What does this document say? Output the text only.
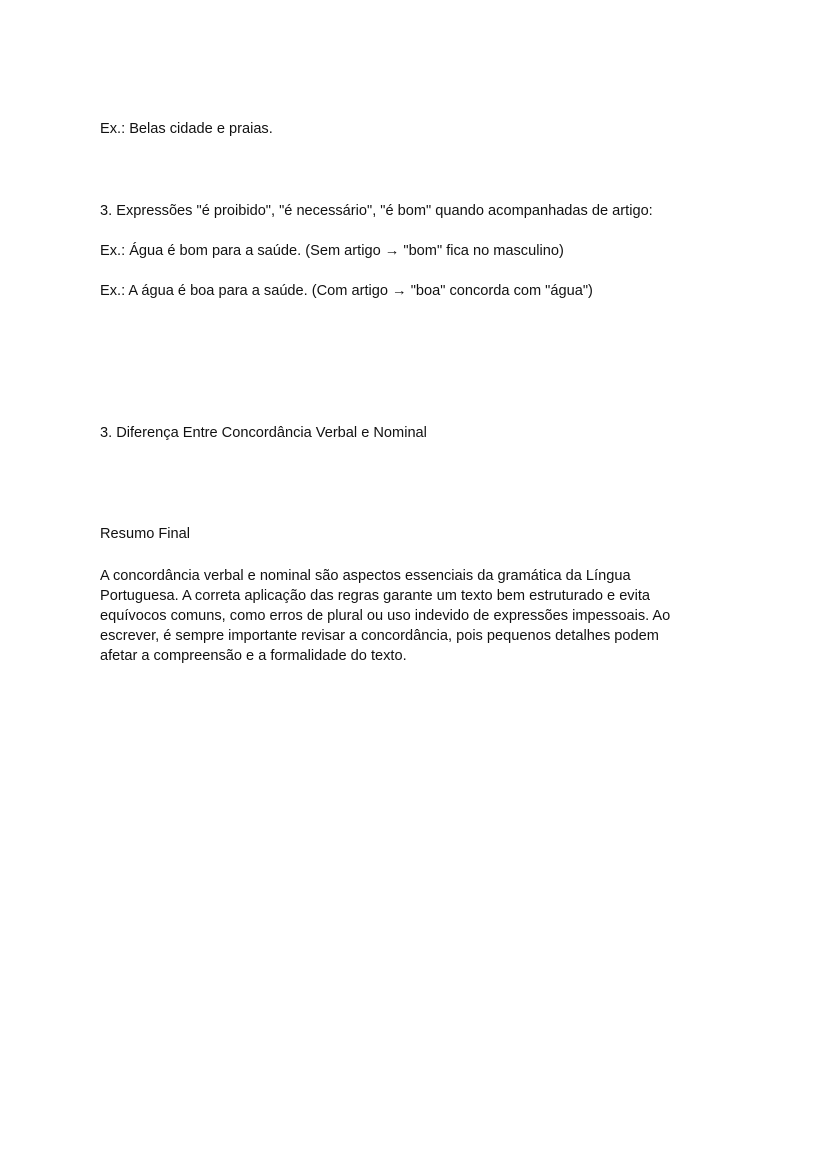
Ex.: Belas cidade e praias.
3. Expressões "é proibido", "é necessário", "é bom" quando acompanhadas de artigo:
Ex.: Água é bom para a saúde. (Sem artigo → "bom" fica no masculino)
Ex.: A água é boa para a saúde. (Com artigo → "boa" concorda com "água")
3. Diferença Entre Concordância Verbal e Nominal
Resumo Final
A concordância verbal e nominal são aspectos essenciais da gramática da Língua
Portuguesa. A correta aplicação das regras garante um texto bem estruturado e evita
equívocos comuns, como erros de plural ou uso indevido de expressões impessoais. Ao
escrever, é sempre importante revisar a concordância, pois pequenos detalhes podem
afetar a compreensão e a formalidade do texto.
